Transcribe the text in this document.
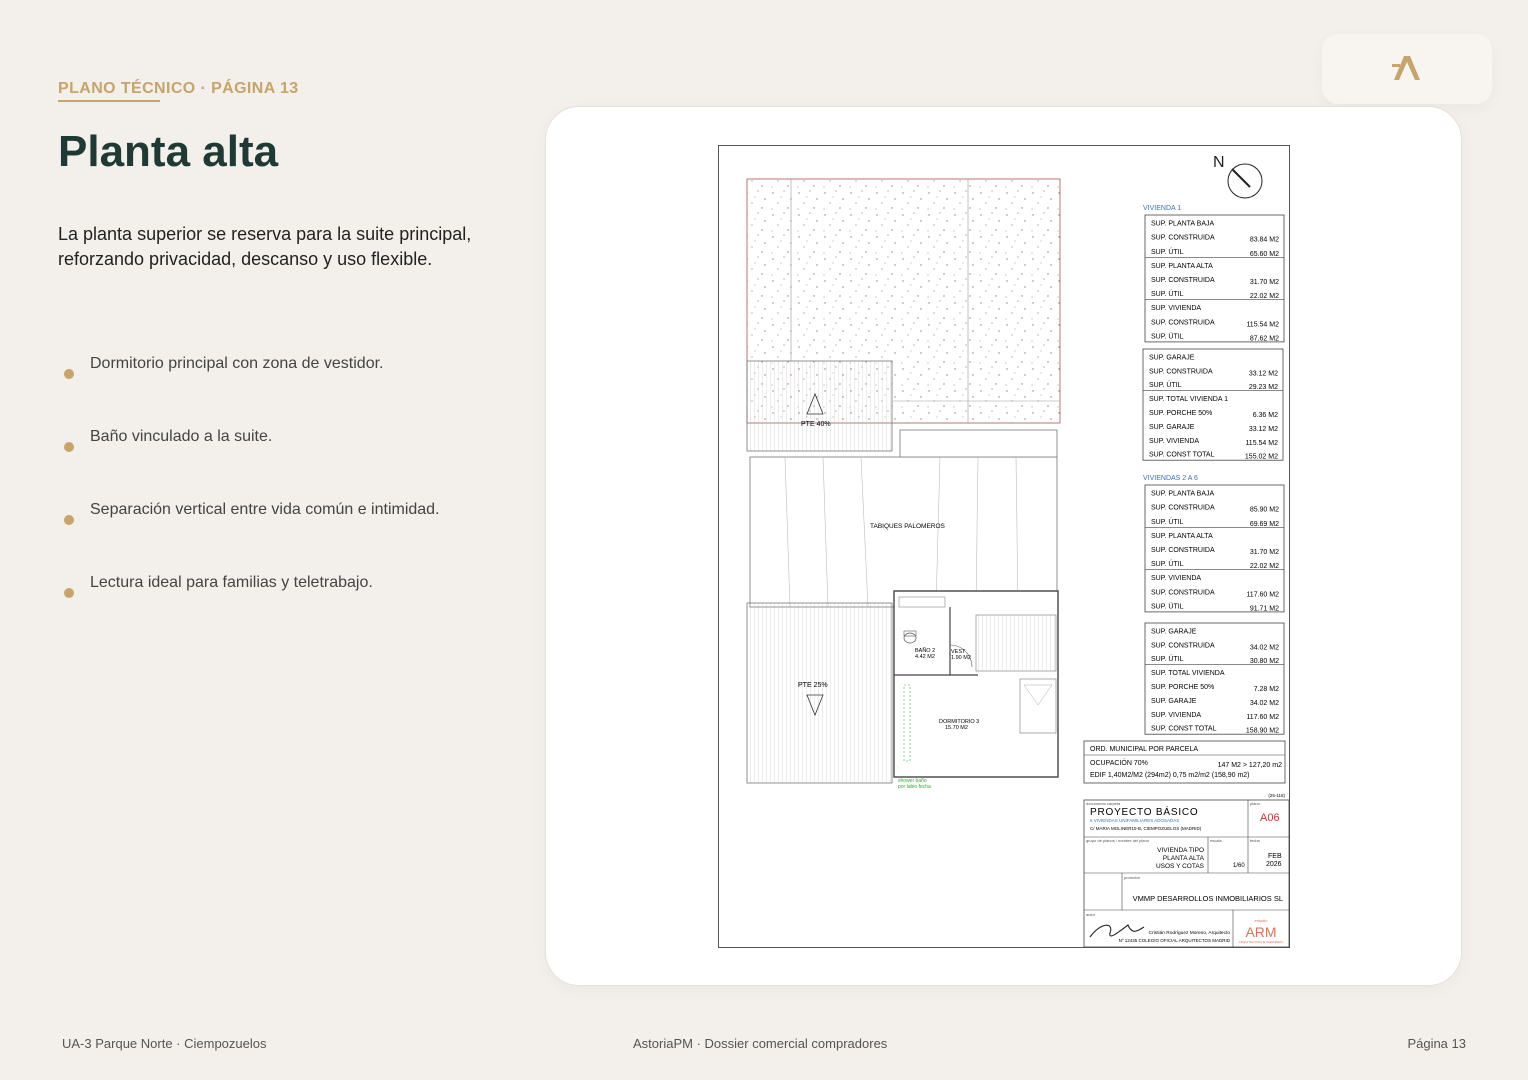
PLANO TÉCNICO · PÁGINA 13
Planta alta
La planta superior se reserva para la suite principal, reforzando privacidad, descanso y uso flexible.
Dormitorio principal con zona de vestidor.
Baño vinculado a la suite.
Separación vertical entre vida común e intimidad.
Lectura ideal para familias y teletrabajo.
PTE 40%
TABIQUES PALOMEROS
PTE 25%
BAÑO 2
4.42 M2
VEST
1.90 M2
DORMITORIO 3
15.70 M2
shower baño
por labio fecha
N
VIVIENDA 1
SUP. PLANTA BAJA
SUP. CONSTRUIDA	83.84 M2
SUP. ÚTIL	65.60 M2
SUP. PLANTA ALTA
SUP. CONSTRUIDA	31.70 M2
SUP. ÚTIL	22.02 M2
SUP. VIVIENDA
SUP. CONSTRUIDA	115.54 M2
SUP. ÚTIL	87.62 M2
SUP. GARAJE
SUP. CONSTRUIDA	33.12 M2
SUP. ÚTIL	29.23 M2
SUP. TOTAL VIVIENDA 1
SUP. PORCHE 50%	6.36 M2
SUP. GARAJE	33.12 M2
SUP. VIVIENDA	115.54 M2
SUP. CONST TOTAL	155.02 M2
VIVIENDAS 2 A 6
SUP. PLANTA BAJA
SUP. CONSTRUIDA	85.90 M2
SUP. ÚTIL	69.69 M2
SUP. PLANTA ALTA
SUP. CONSTRUIDA	31.70 M2
SUP. ÚTIL	22.02 M2
SUP. VIVIENDA
SUP. CONSTRUIDA	117.60 M2
SUP. ÚTIL	91.71 M2
SUP. GARAJE
SUP. CONSTRUIDA	34.02 M2
SUP. ÚTIL	30.80 M2
SUP. TOTAL VIVIENDA
SUP. PORCHE 50%	7.28 M2
SUP. GARAJE	34.02 M2
SUP. VIVIENDA	117.60 M2
SUP. CONST TOTAL	158.90 M2
ORD. MUNICIPAL POR PARCELA
OCUPACIÓN 70%	147 M2 > 127,20 m2
EDIF 1,40M2/M2 (294m2) 0,75 m2/m2 (158,90 m2)
(25-118)
documento carpeta	plano
PROYECTO BÁSICO
6 VIVIENDAS UNIFAMILIARES ADOSADAS
C/ MARIA MOLINER15-B, CIEMPOZUELOS (MADRID)
A06
grupo de planos / nombre del plano	escala	fecha
VIVIENDA TIPO
PLANTA ALTA
USOS Y COTAS	1/60
FEB
2026
promotor
VMMP DESARROLLOS INMOBILIARIOS SL
autor
Cristián Rodríguez Moreno, Arquitecto
Nº 12435 COLEGIO OFICIAL ARQUITECTOS MADRID
estudio
ARM
ARQUITECTURA E INGENIERÍA
UA-3 Parque Norte · Ciempozuelos	AstoriaPM · Dossier comercial compradores	Página 13
